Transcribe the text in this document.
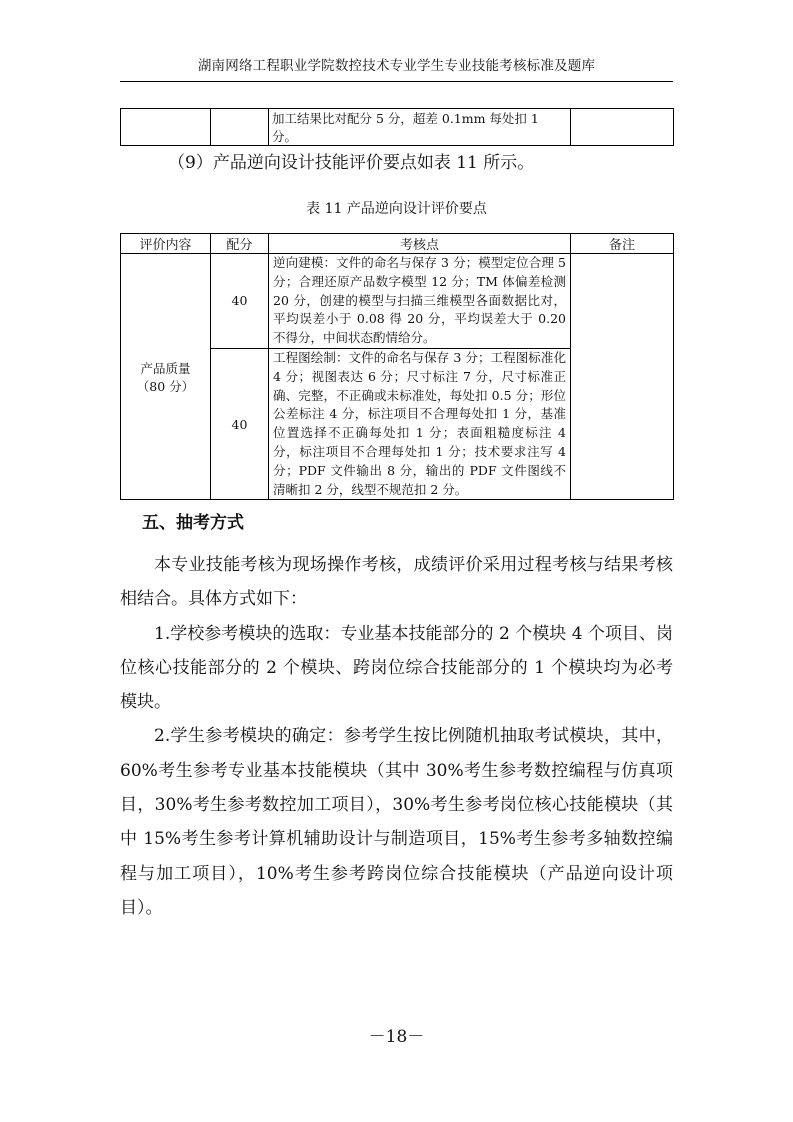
湖南网络工程职业学院数控技术专业学生专业技能考核标准及题库
		加工结果比对配分 5 分，超差 0.1mm 每处扣 1 分。	
（9）产品逆向设计技能评价要点如表 11 所示。
表 11 产品逆向设计评价要点
评价内容	配分	考核点	备注

产品质量
（80 分）	40	逆向建模：文件的命名与保存 3 分；模型定位合理 5 分；合理还原产品数字模型 12 分；TM 体偏差检测 20 分，创建的模型与扫描三维模型各面数据比对，平均误差小于 0.08 得 20 分，平均误差大于 0.20 不得分，中间状态酌情给分。	
	40	工程图绘制：文件的命名与保存 3 分；工程图标准化 4 分；视图表达 6 分；尺寸标注 7 分，尺寸标准正确、完整，不正确或未标准处，每处扣 0.5 分；形位公差标注 4 分，标注项目不合理每处扣 1 分，基准位置选择不正确每处扣 1 分；表面粗糙度标注 4 分，标注项目不合理每处扣 1 分；技术要求注写 4 分；PDF 文件输出 8 分，输出的 PDF 文件图线不清晰扣 2 分，线型不规范扣 2 分。	
五、抽考方式

本专业技能考核为现场操作考核，成绩评价采用过程考核与结果考核相结合。具体方式如下：

1.学校参考模块的选取：专业基本技能部分的 2 个模块 4 个项目、岗位核心技能部分的 2 个模块、跨岗位综合技能部分的 1 个模块均为必考模块。

2.学生参考模块的确定：参考学生按比例随机抽取考试模块，其中，60%考生参考专业基本技能模块（其中 30%考生参考数控编程与仿真项目，30%考生参考数控加工项目），30%考生参考岗位核心技能模块（其中 15%考生参考计算机辅助设计与制造项目，15%考生参考多轴数控编程与加工项目），10%考生参考跨岗位综合技能模块（产品逆向设计项目）。

－18－
